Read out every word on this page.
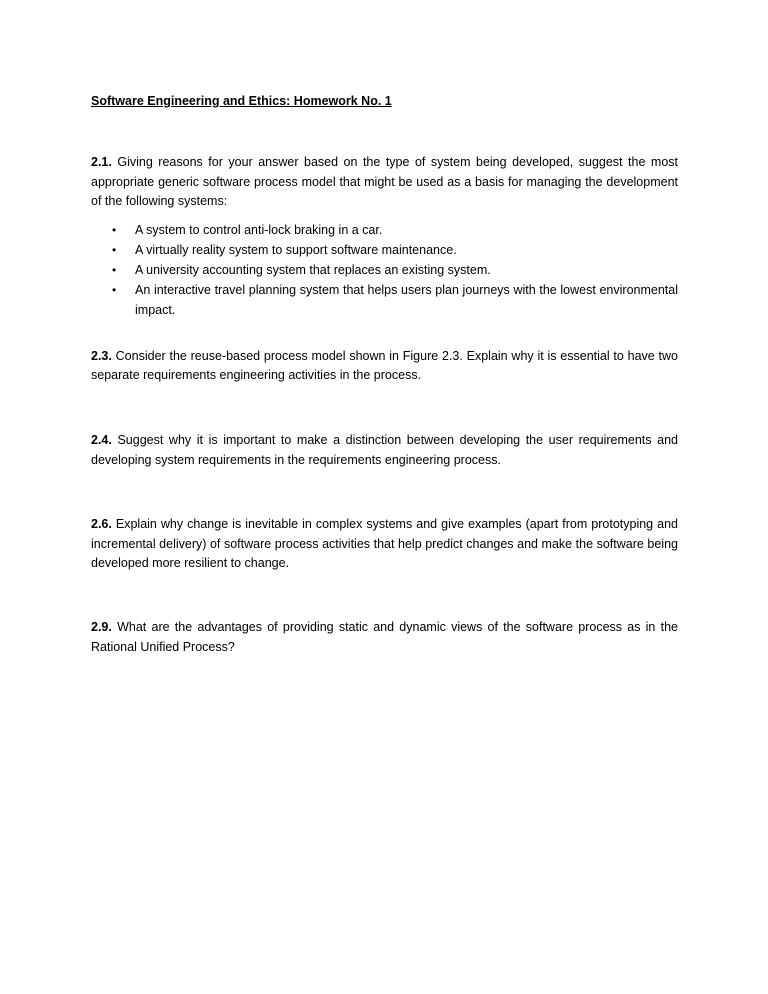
Software Engineering and Ethics: Homework No. 1

2.1. Giving reasons for your answer based on the type of system being developed, suggest the most appropriate generic software process model that might be used as a basis for managing the development of the following systems:

• A system to control anti-lock braking in a car.
• A virtually reality system to support software maintenance.
• A university accounting system that replaces an existing system.
• An interactive travel planning system that helps users plan journeys with the lowest environmental impact.

2.3. Consider the reuse-based process model shown in Figure 2.3. Explain why it is essential to have two separate requirements engineering activities in the process.

2.4. Suggest why it is important to make a distinction between developing the user requirements and developing system requirements in the requirements engineering process.

2.6. Explain why change is inevitable in complex systems and give examples (apart from prototyping and incremental delivery) of software process activities that help predict changes and make the software being developed more resilient to change.

2.9. What are the advantages of providing static and dynamic views of the software process as in the Rational Unified Process?
